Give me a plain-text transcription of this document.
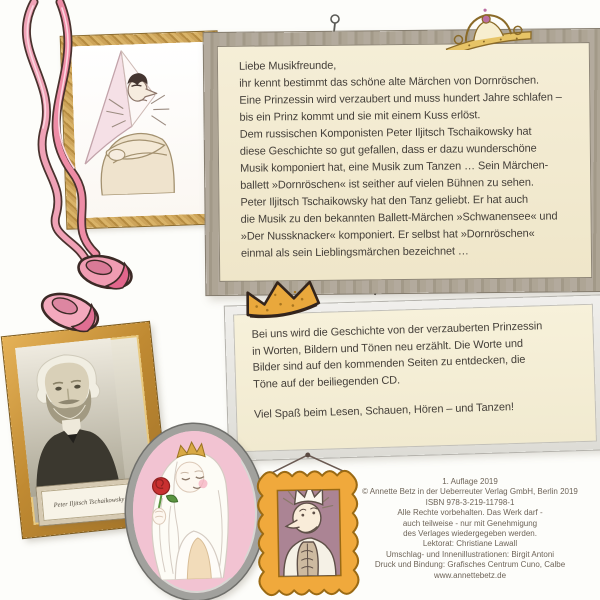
Liebe Musikfreunde,
ihr kennt bestimmt das schöne alte Märchen von Dornröschen.
Eine Prinzessin wird verzaubert und muss hundert Jahre schlafen –
bis ein Prinz kommt und sie mit einem Kuss erlöst.
Dem russischen Komponisten Peter Iljitsch Tschaikowsky hat
diese Geschichte so gut gefallen, dass er dazu wunderschöne
Musik komponiert hat, eine Musik zum Tanzen … Sein Märchen-
ballett »Dornröschen« ist seither auf vielen Bühnen zu sehen.
Peter Iljitsch Tschaikowsky hat den Tanz geliebt. Er hat auch
die Musik zu den bekannten Ballett-Märchen »Schwanensee« und
»Der Nussknacker« komponiert. Er selbst hat »Dornröschen«
einmal als sein Lieblingsmärchen bezeichnet …
Bei uns wird die Geschichte von der verzauberten Prinzessin
in Worten, Bildern und Tönen neu erzählt. Die Worte und
Bilder sind auf den kommenden Seiten zu entdecken, die
Töne auf der beiliegenden CD.
Viel Spaß beim Lesen, Schauen, Hören – und Tanzen!
Peter Iljitsch Tschaikowsky
1. Auflage 2019
© Annette Betz in der Ueberreuter Verlag GmbH, Berlin 2019
ISBN 978-3-219-11798-1
Alle Rechte vorbehalten. Das Werk darf -
auch teilweise - nur mit Genehmigung
des Verlages wiedergegeben werden.
Lektorat: Christiane Lawall
Umschlag- und Innenillustrationen: Birgit Antoni
Druck und Bindung: Grafisches Centrum Cuno, Calbe
www.annettebetz.de
